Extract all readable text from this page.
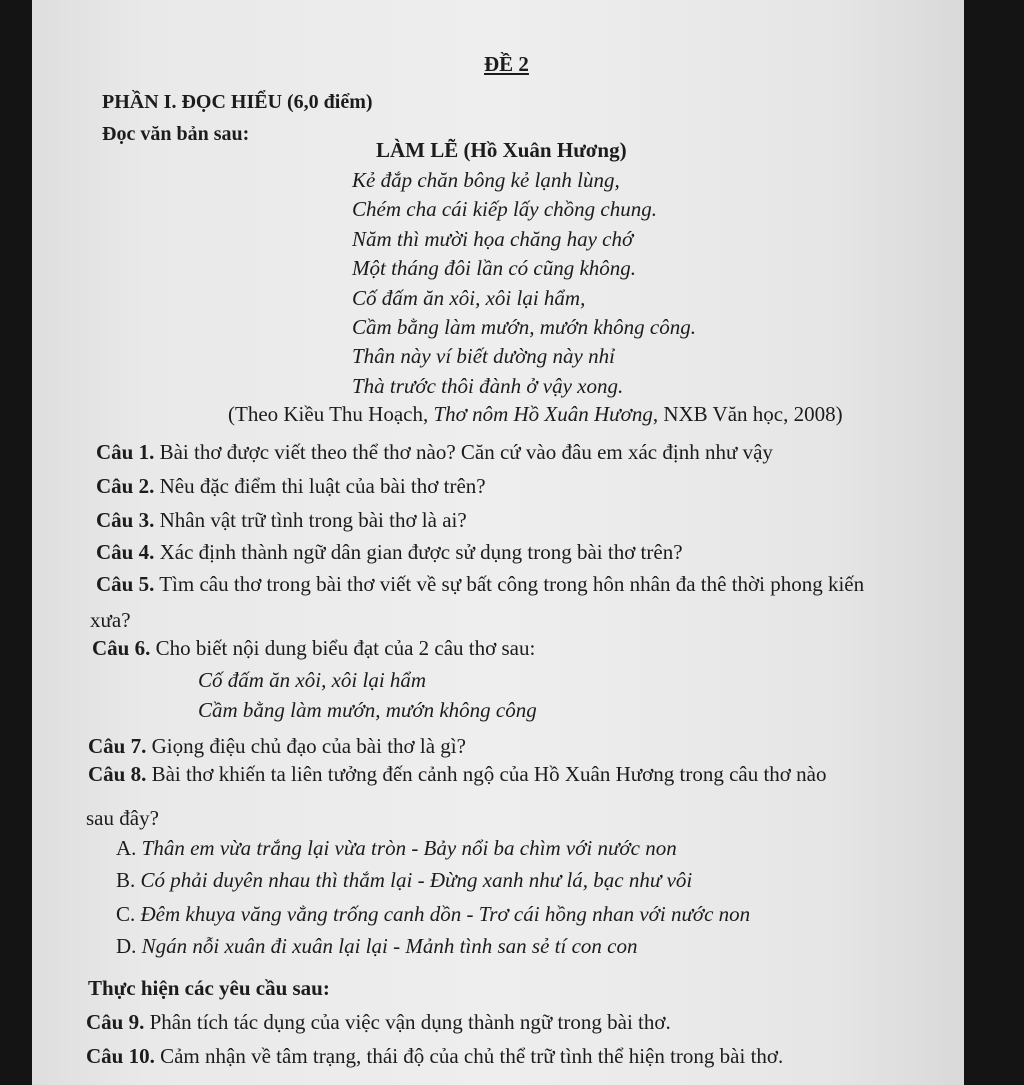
ĐỀ 2
PHẦN I. ĐỌC HIỂU (6,0 điểm)
Đọc văn bản sau:
LÀM LẼ (Hồ Xuân Hương)
Kẻ đắp chăn bông kẻ lạnh lùng,
Chém cha cái kiếp lấy chồng chung.
Năm thì mười họa chăng hay chớ
Một tháng đôi lần có cũng không.
Cố đấm ăn xôi, xôi lại hẩm,
Cầm bằng làm mướn, mướn không công.
Thân này ví biết dường này nhỉ
Thà trước thôi đành ở vậy xong.
(Theo Kiều Thu Hoạch, Thơ nôm Hồ Xuân Hương, NXB Văn học, 2008)
Câu 1. Bài thơ được viết theo thể thơ nào? Căn cứ vào đâu em xác định như vậy
Câu 2. Nêu đặc điểm thi luật của bài thơ trên?
Câu 3. Nhân vật trữ tình trong bài thơ là ai?
Câu 4. Xác định thành ngữ dân gian được sử dụng trong bài thơ trên?
Câu 5. Tìm câu thơ trong bài thơ viết về sự bất công trong hôn nhân đa thê thời phong kiến
xưa?
Câu 6. Cho biết nội dung biểu đạt của 2 câu thơ sau:
Cố đấm ăn xôi, xôi lại hẩm
Cầm bằng làm mướn, mướn không công
Câu 7. Giọng điệu chủ đạo của bài thơ là gì?
Câu 8. Bài thơ khiến ta liên tưởng đến cảnh ngộ của Hồ Xuân Hương trong câu thơ nào
sau đây?
A. Thân em vừa trắng lại vừa tròn - Bảy nổi ba chìm với nước non
B. Có phải duyên nhau thì thắm lại - Đừng xanh như lá, bạc như vôi
C. Đêm khuya văng vẳng trống canh dồn - Trơ cái hồng nhan với nước non
D. Ngán nỗi xuân đi xuân lại lại - Mảnh tình san sẻ tí con con
Thực hiện các yêu cầu sau:
Câu 9. Phân tích tác dụng của việc vận dụng thành ngữ trong bài thơ.
Câu 10. Cảm nhận về tâm trạng, thái độ của chủ thể trữ tình thể hiện trong bài thơ.
